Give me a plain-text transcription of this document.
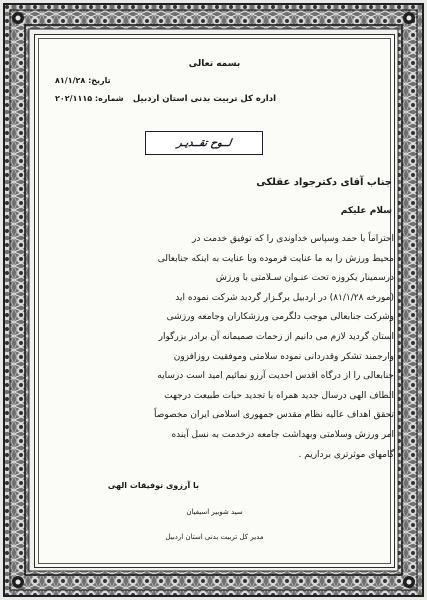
بسمه تعالی
تاریخ: ۸۱/۱/۲۸
شماره: ۲۰۲/۱۱۱۵	اداره کل تربیت بدنی استان اردبیل
لــوح تقــدیـر
جناب آقای دکترجواد عقلکی
سلام علیکم
احتراماً با حمد وسپاس خداوندی را که توفیق خدمت در
محیط ورزش را به ما عنایت فرموده وبا عنایت به اینکه جنابعالی
درسمینار یکروزه تحت عنـوان سـلامتی با ورزش
(مورخه ۸۱/۱/۲۸) در اردبیل برگـزار گردید شرکت نموده اید
وشرکت جنابعالی موجب دلگرمی ورزشکاران وجامعه ورزشی
استان گردید لازم می دانیم از زحمات صمیمانه آن برادر بزرگوار
وارجمند تشکر وقدردانی نموده سلامتی وموفقیت روزافزون
جنابعالی را از درگاه اقدس احدیت آرزو نمائیم امید است درسایه
الطاف الهی درسال جدید همراه با تجدید حیات طبیعت درجهت
تحقق اهداف عالیه نظام مقدس جمهوری اسلامی ایران مخصوصاً
امر ورزش وسلامتی وبهداشت جامعه درخدمت به نسل آینده
گامهای موثرتری برداریم .
با آرزوی توفیقات الهی
سید شوبیر اسیفیان
مدیر کل تربیت بدنی استان اردبیل
